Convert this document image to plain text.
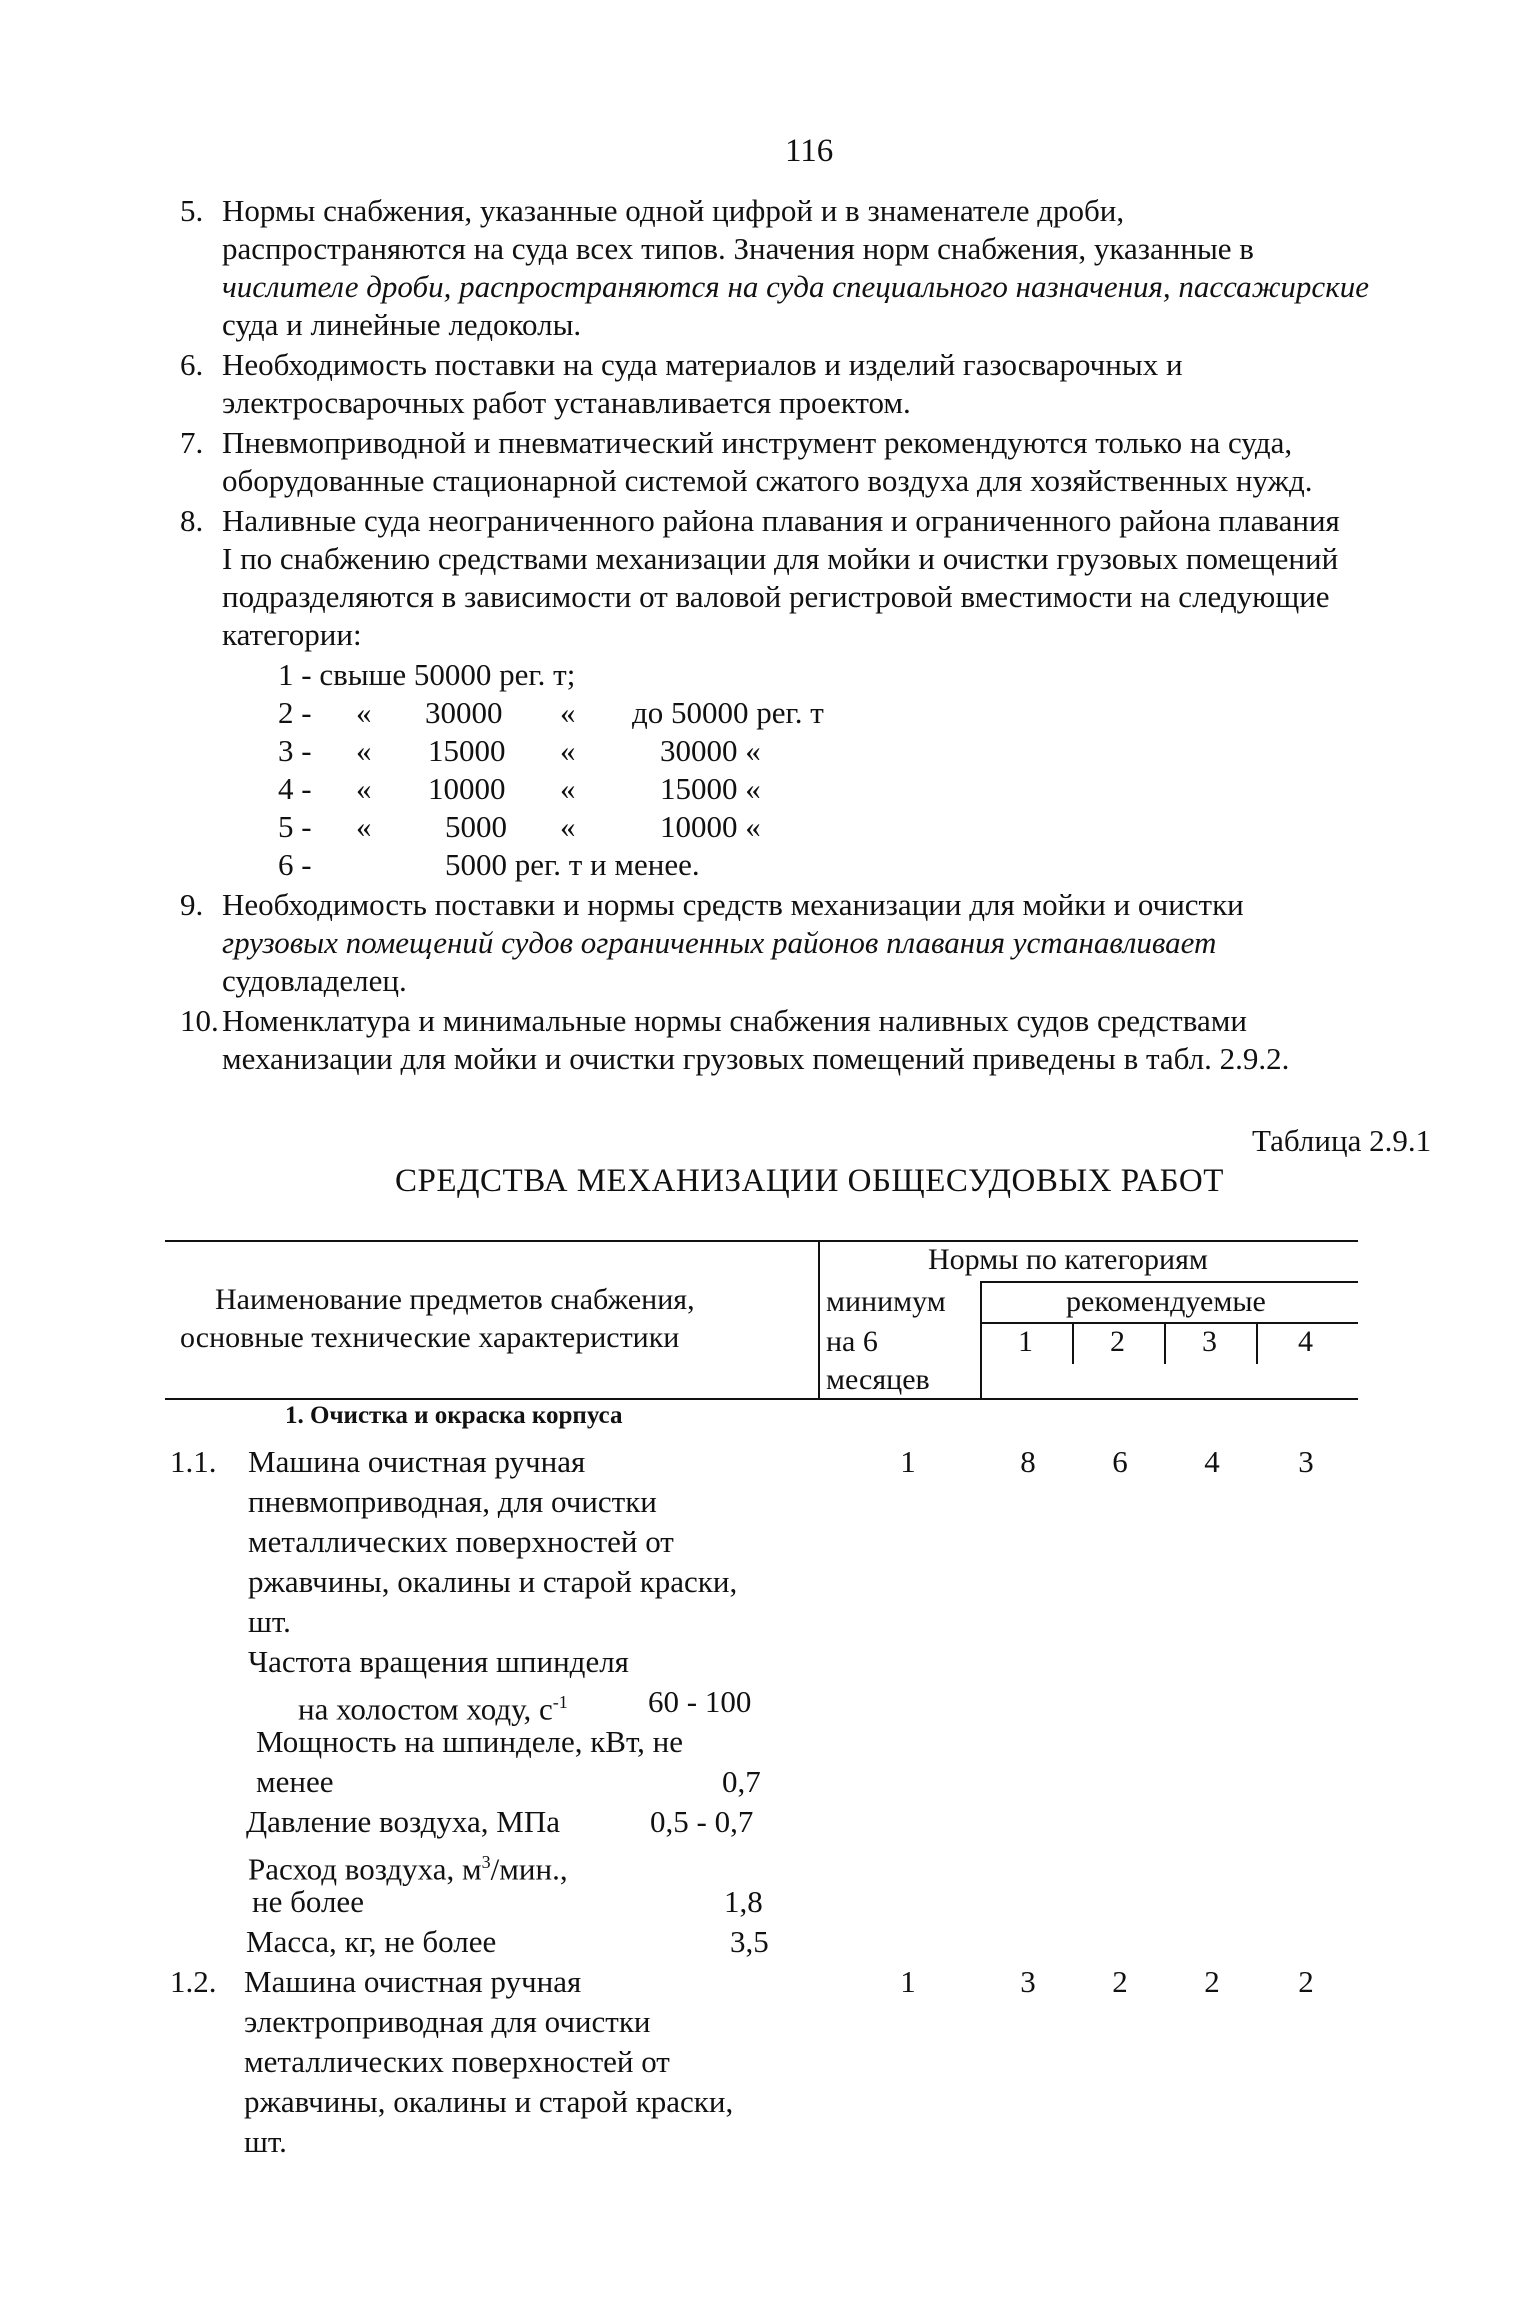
116
5. Нормы снабжения, указанные одной цифрой и в знаменателе дроби,
распространяются на суда всех типов. Значения норм снабжения, указанные в
числителе дроби, распространяются на суда специального назначения, пассажирские
суда и линейные ледоколы.
6. Необходимость поставки на суда материалов и изделий газосварочных и
электросварочных работ устанавливается проектом.
7. Пневмоприводной и пневматический инструмент рекомендуются только на суда,
оборудованные стационарной системой сжатого воздуха для хозяйственных нужд.
8. Наливные суда неограниченного района плавания и ограниченного района плавания
I по снабжению средствами механизации для мойки и очистки грузовых помещений
подразделяются в зависимости от валовой регистровой вместимости на следующие
категории:
1 - свыше 50000 рег. т;
2 - « 30000 « до 50000 рег. т
3 - « 15000 «	30000 «
4 - « 10000 «	15000 «
5 - « 5000 «	10000 «
6 -	5000 рег. т и менее.
9. Необходимость поставки и нормы средств механизации для мойки и очистки
грузовых помещений судов ограниченных районов плавания устанавливает
судовладелец.
10. Номенклатура и минимальные нормы снабжения наливных судов средствами
механизации для мойки и очистки грузовых помещений приведены в табл. 2.9.2.
Таблица 2.9.1
СРЕДСТВА МЕХАНИЗАЦИИ ОБЩЕСУДОВЫХ РАБОТ
Наименование предметов снабжения,
основные технические характеристики
Нормы по категориям
минимум
на 6
месяцев
рекомендуемые
1	2	3	4
1. Очистка и окраска корпуса
1.1. Машина очистная ручная
пневмоприводная, для очистки
металлических поверхностей от
ржавчины, окалины и старой краски,
шт.
Частота вращения шпинделя
на холостом ходу, $с^{-1}$	60 - 100
Мощность на шпинделе, кВт, не
менее	0,7
Давление воздуха, МПа	0,5 - 0,7
Расход воздуха, $м^3$/мин.,
не более	1,8
Масса, кг, не более	3,5
1	8	6	4	3
1.2. Машина очистная ручная
электроприводная для очистки
металлических поверхностей от
ржавчины, окалины и старой краски,
шт.
1	3	2	2	2
